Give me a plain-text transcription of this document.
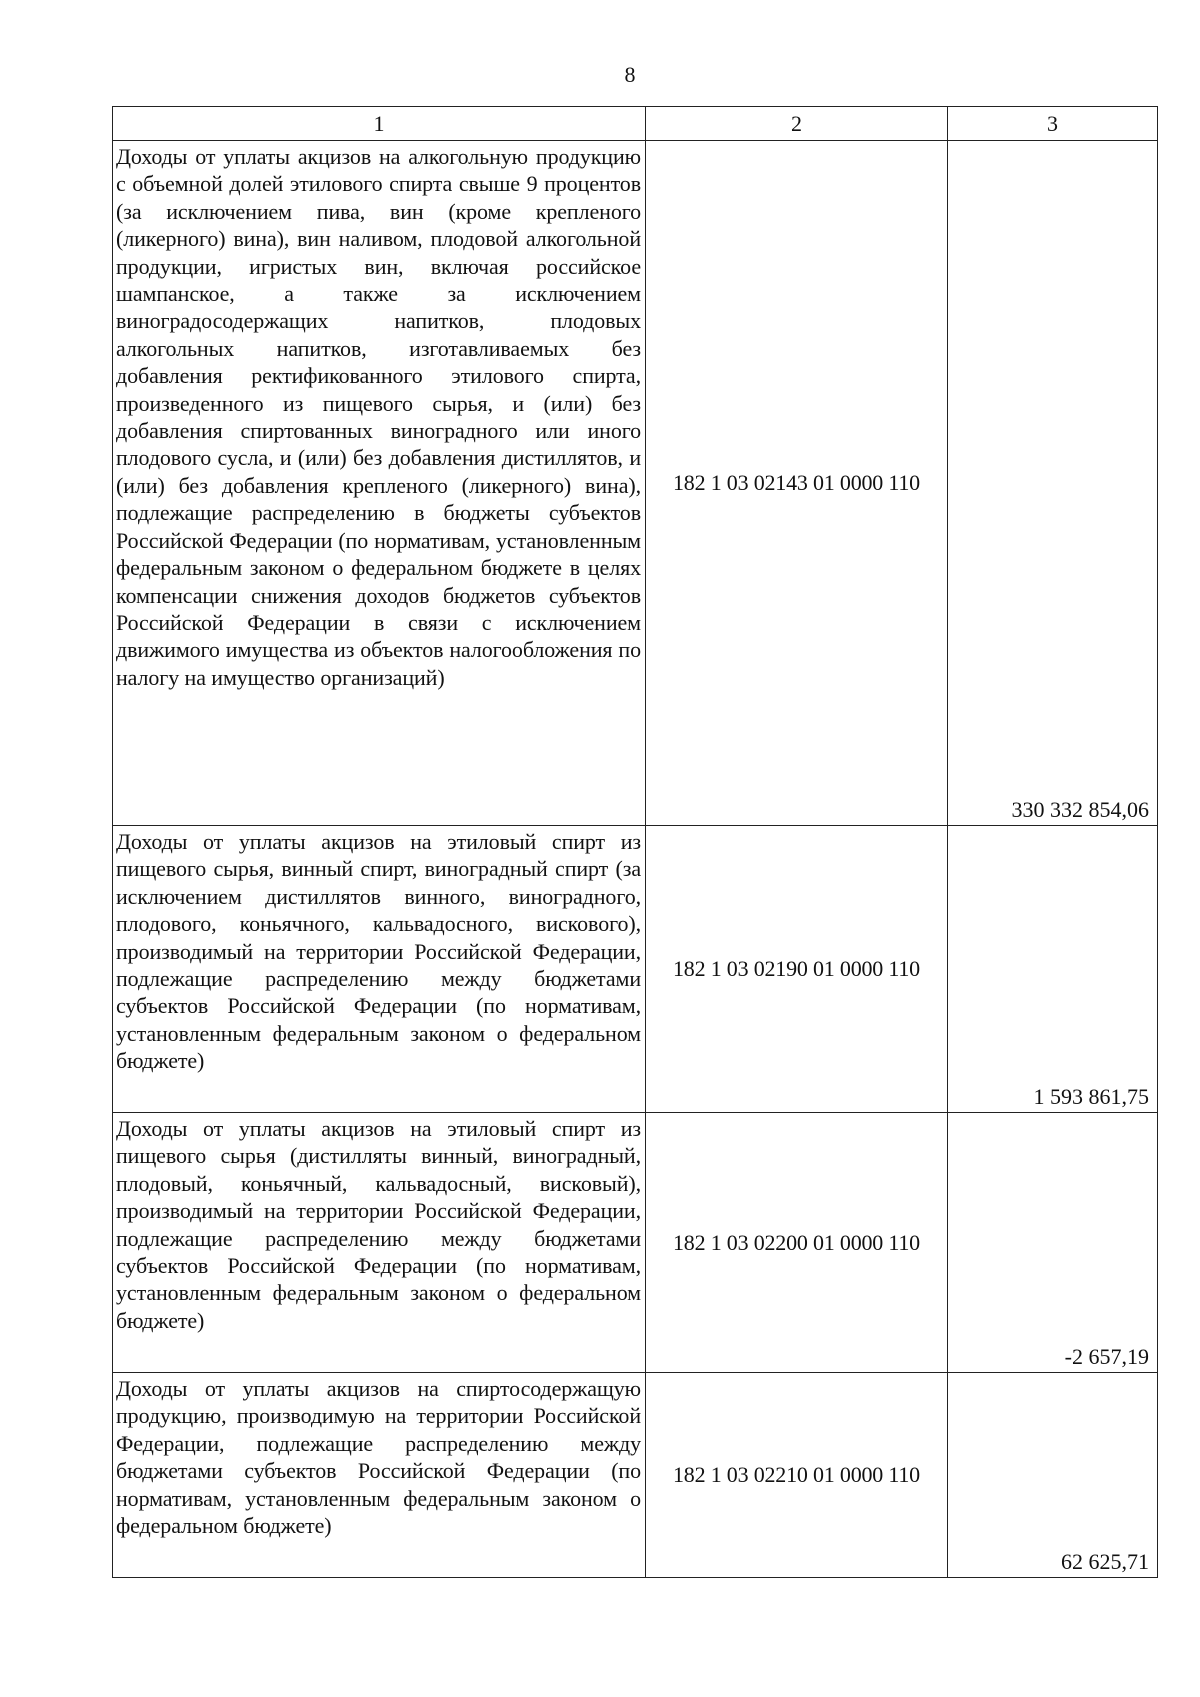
8
1	2	3
Доходы от уплаты акцизов на алкогольную продукцию с объемной долей этилового спирта свыше 9 процентов (за исключением пива, вин (кроме крепленого (ликерного) вина), вин наливом, плодовой алкогольной продукции, игристых вин, включая российское шампанское, а также за исключением виноградосодержащих напитков, плодовых алкогольных напитков, изготавливаемых без добавления ректификованного этилового спирта, произведенного из пищевого сырья, и (или) без добавления спиртованных виноградного или иного плодового сусла, и (или) без добавления дистиллятов, и (или) без добавления крепленого (ликерного) вина), подлежащие распределению в бюджеты субъектов Российской Федерации (по нормативам, установленным федеральным законом о федеральном бюджете в целях компенсации снижения доходов бюджетов субъектов Российской Федерации в связи с исключением движимого имущества из объектов налогообложения по налогу на имущество организаций)	182 1 03 02143 01 0000 110	330 332 854,06
Доходы от уплаты акцизов на этиловый спирт из пищевого сырья, винный спирт, виноградный спирт (за исключением дистиллятов винного, виноградного, плодового, коньячного, кальвадосного, вискового), производимый на территории Российской Федерации, подлежащие распределению между бюджетами субъектов Российской Федерации (по нормативам, установленным федеральным законом о федеральном бюджете)	182 1 03 02190 01 0000 110	1 593 861,75
Доходы от уплаты акцизов на этиловый спирт из пищевого сырья (дистилляты винный, виноградный, плодовый, коньячный, кальвадосный, висковый), производимый на территории Российской Федерации, подлежащие распределению между бюджетами субъектов Российской Федерации (по нормативам, установленным федеральным законом о федеральном бюджете)	182 1 03 02200 01 0000 110	-2 657,19
Доходы от уплаты акцизов на спиртосодержащую продукцию, производимую на территории Российской Федерации, подлежащие распределению между бюджетами субъектов Российской Федерации (по нормативам, установленным федеральным законом о федеральном бюджете)	182 1 03 02210 01 0000 110	62 625,71
